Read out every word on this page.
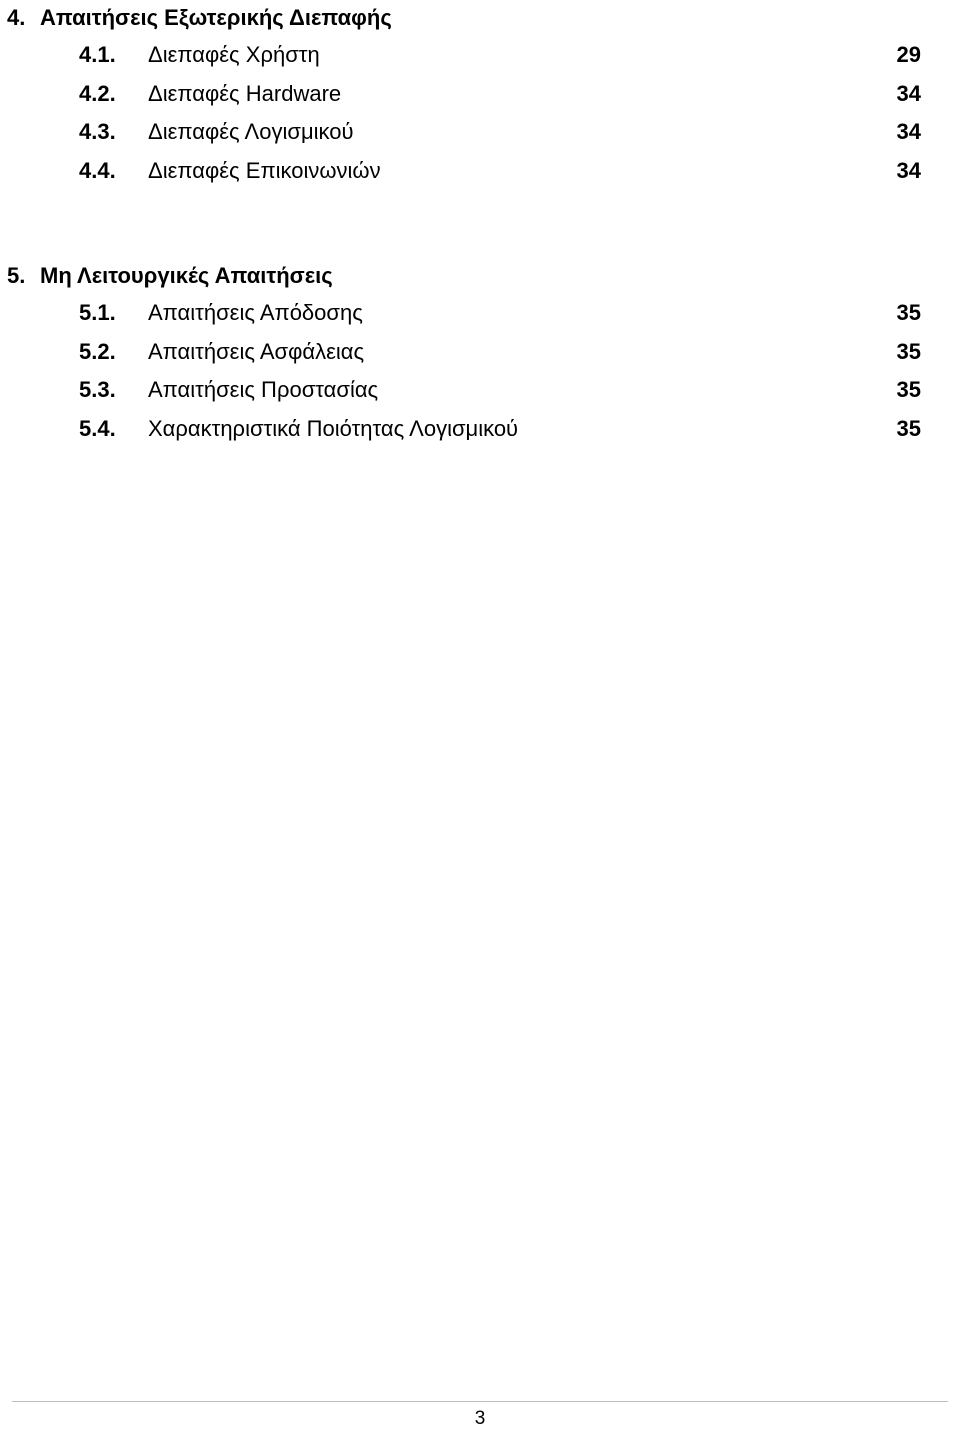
4. Απαιτήσεις Εξωτερικής Διεπαφής
4.1. Διεπαφές Χρήστη	29
4.2. Διεπαφές Hardware	34
4.3. Διεπαφές Λογισμικού	34
4.4. Διεπαφές Επικοινωνιών	34
5. Μη Λειτουργικές Απαιτήσεις
5.1. Απαιτήσεις Απόδοσης	35
5.2. Απαιτήσεις Ασφάλειας	35
5.3. Απαιτήσεις Προστασίας	35
5.4. Χαρακτηριστικά Ποιότητας Λογισμικού	35
3
